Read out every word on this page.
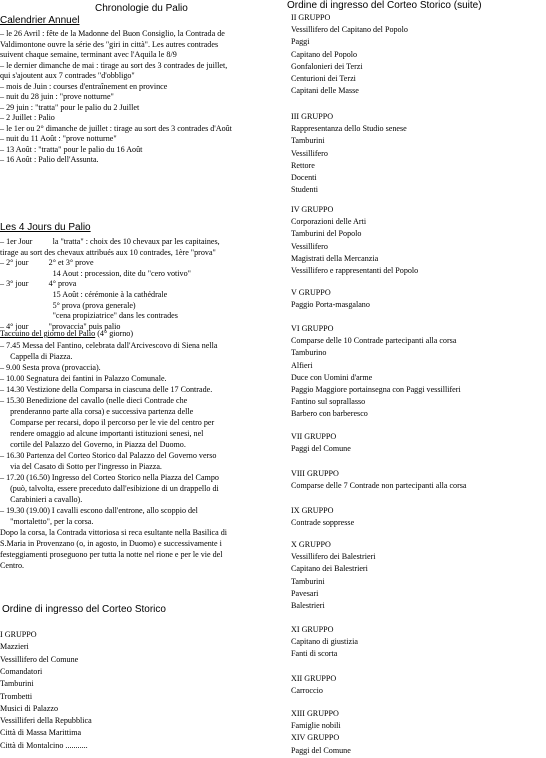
Chronologie du Palio
Calendrier Annuel
– le 26 Avril : fête de la Madonne del Buon Consiglio, la Contrada de
Valdimontone ouvre la série des "giri in città". Les autres contrades
suivent chaque semaine, terminant avec l'Aquila le 8/9
– le dernier dimanche de mai : tirage au sort des 3 contrades de juillet,
qui s'ajoutent aux 7 contrades "d'obbligo"
– mois de Juin : courses d'entraînement en province
– nuit du 28 juin : "prove notturne"
– 29 juin : "tratta" pour le palio du 2 Juillet
– 2 Juillet : Palio
– le 1er ou 2° dimanche de juillet : tirage au sort des 3 contrades d'Août
– nuit du 11 Août : "prove notturne"
– 13 Août : "tratta" pour le palio du 16 Août
– 16 Août : Palio dell'Assunta.
Les 4 Jours du Palio
– 1er Jour          la "tratta" : choix des 10 chevaux par les capitaines,
tirage au sort des chevaux attribués aux 10 contrades, 1ère "prova"
– 2° jour          2° et 3° prove
14 Aout : procession, dite du "cero votivo"
– 3° jour          4° prova
15 Août : cérémonie à la cathédrale
5° prova (prova generale)
"cena propiziatrice" dans les contrades
– 4° jour          "provaccia" puis palio
Taccuino del giorno del Palio (4° giorno)
– 7.45 Messa del Fantino, celebrata dall'Arcivescovo di Siena nella
Cappella di Piazza.
– 9.00 Sesta prova (provaccia).
– 10.00 Segnatura dei fantini in Palazzo Comunale.
– 14.30 Vestizione della Comparsa in ciascuna delle 17 Contrade.
– 15.30 Benedizione del cavallo (nelle dieci Contrade che
prenderanno parte alla corsa) e successiva partenza delle
Comparse per recarsi, dopo il percorso per le vie del centro per
rendere omaggio ad alcune importanti istituzioni senesi, nel
cortile del Palazzo del Governo, in Piazza del Duomo.
– 16.30 Partenza del Corteo Storico dal Palazzo del Governo verso
via del Casato di Sotto per l'ingresso in Piazza.
– 17.20 (16.50) Ingresso del Corteo Storico nella Piazza del Campo
(può, talvolta, essere preceduto dall'esibizione di un drappello di
Carabinieri a cavallo).
– 19.30 (19.00) I cavalli escono dall'entrone, allo scoppio del
"mortaletto", per la corsa.
Dopo la corsa, la Contrada vittoriosa si reca esultante nella Basilica di
S.Maria in Provenzano (o, in agosto, in Duomo) e successivamente i
festeggiamenti proseguono per tutta la notte nel rione e per le vie del
Centro.
Ordine di ingresso del Corteo Storico
I GRUPPO
Mazzieri
Vessillifero del Comune
Comandatori
Tamburini
Trombetti
Musici di Palazzo
Vessilliferi della Repubblica
Città di Massa Marittima
Città di Montalcino ...........
Ordine di ingresso del Corteo Storico (suite)
II GRUPPO
Vessillifero del Capitano del Popolo
Paggi
Capitano del Popolo
Gonfalonieri dei Terzi
Centurioni dei Terzi
Capitani delle Masse
III GRUPPO
Rappresentanza dello Studio senese
Tamburini
Vessillifero
Rettore
Docenti
Studenti
IV GRUPPO
Corporazioni delle Arti
Tamburini del Popolo
Vessillifero
Magistrati della Mercanzia
Vessillifero e rappresentanti del Popolo
V GRUPPO
Paggio Porta-masgalano
VI GRUPPO
Comparse delle 10 Contrade partecipanti alla corsa
Tamburino
Alfieri
Duce con Uomini d'arme
Paggio Maggiore portainsegna con Paggi vessilliferi
Fantino sul soprallasso
Barbero con barberesco
VII GRUPPO
Paggi del Comune
VIII GRUPPO
Comparse delle 7 Contrade non partecipanti alla corsa
IX GRUPPO
Contrade soppresse
X GRUPPO
Vessillifero dei Balestrieri
Capitano dei Balestrieri
Tamburini
Pavesari
Balestrieri
XI GRUPPO
Capitano di giustizia
Fanti di scorta
XII GRUPPO
Carroccio
XIII GRUPPO
Famiglie nobili
XIV GRUPPO
Paggi del Comune
